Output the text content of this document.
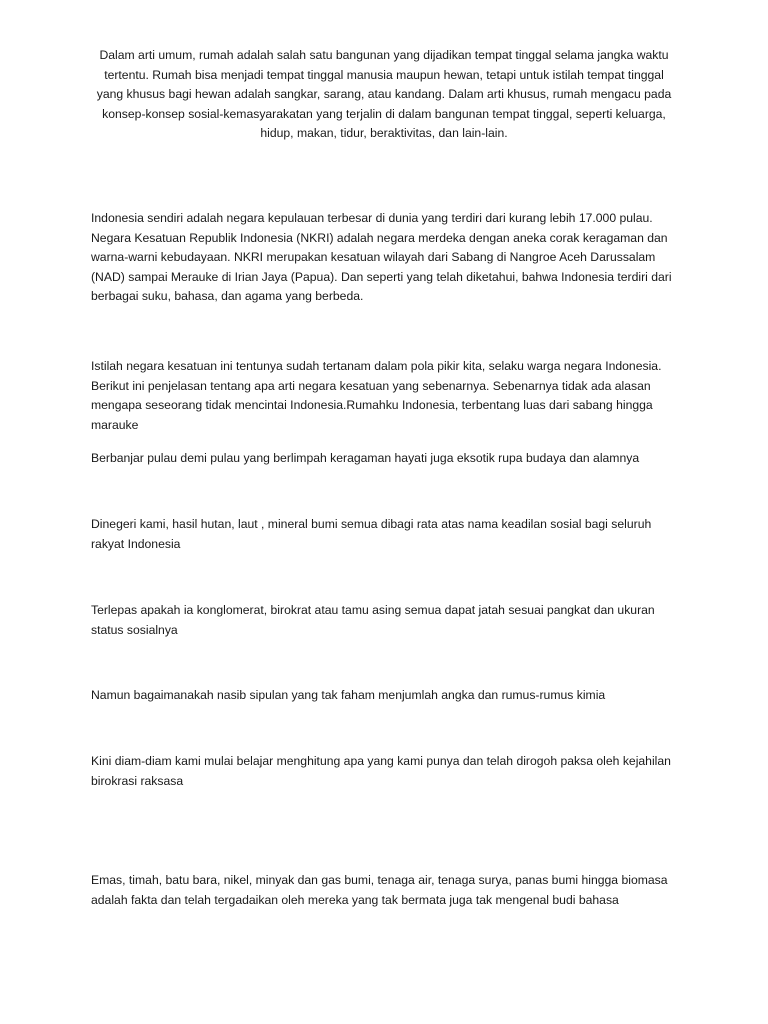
Dalam arti umum, rumah adalah salah satu bangunan yang dijadikan tempat tinggal selama jangka waktu tertentu. Rumah bisa menjadi tempat tinggal manusia maupun hewan, tetapi untuk istilah tempat tinggal yang khusus bagi hewan adalah sangkar, sarang, atau kandang. Dalam arti khusus, rumah mengacu pada konsep-konsep sosial-kemasyarakatan yang terjalin di dalam bangunan tempat tinggal, seperti keluarga, hidup, makan, tidur, beraktivitas, dan lain-lain.

Indonesia sendiri adalah negara kepulauan terbesar di dunia yang terdiri dari kurang lebih 17.000 pulau. Negara Kesatuan Republik Indonesia (NKRI) adalah negara merdeka dengan aneka corak keragaman dan warna-warni kebudayaan. NKRI merupakan kesatuan wilayah dari Sabang di Nangroe Aceh Darussalam (NAD) sampai Merauke di Irian Jaya (Papua). Dan seperti yang telah diketahui, bahwa Indonesia terdiri dari berbagai suku, bahasa, dan agama yang berbeda.

Istilah negara kesatuan ini tentunya sudah tertanam dalam pola pikir kita, selaku warga negara Indonesia. Berikut ini penjelasan tentang apa arti negara kesatuan yang sebenarnya. Sebenarnya tidak ada alasan mengapa seseorang tidak mencintai Indonesia.Rumahku Indonesia, terbentang luas dari sabang hingga marauke

Berbanjar pulau demi pulau yang berlimpah keragaman hayati juga eksotik rupa budaya dan alamnya

Dinegeri kami, hasil hutan, laut , mineral bumi semua dibagi rata atas nama keadilan sosial bagi seluruh rakyat Indonesia

Terlepas apakah ia konglomerat, birokrat atau tamu asing semua dapat jatah sesuai pangkat dan ukuran status sosialnya

Namun bagaimanakah nasib sipulan yang tak faham menjumlah angka dan rumus-rumus kimia

Kini diam-diam kami mulai belajar menghitung apa yang kami punya dan telah dirogoh paksa oleh kejahilan birokrasi raksasa

Emas, timah, batu bara, nikel, minyak dan gas bumi, tenaga air, tenaga surya, panas bumi hingga biomasa adalah fakta dan telah tergadaikan oleh mereka yang tak bermata juga tak mengenal budi bahasa
